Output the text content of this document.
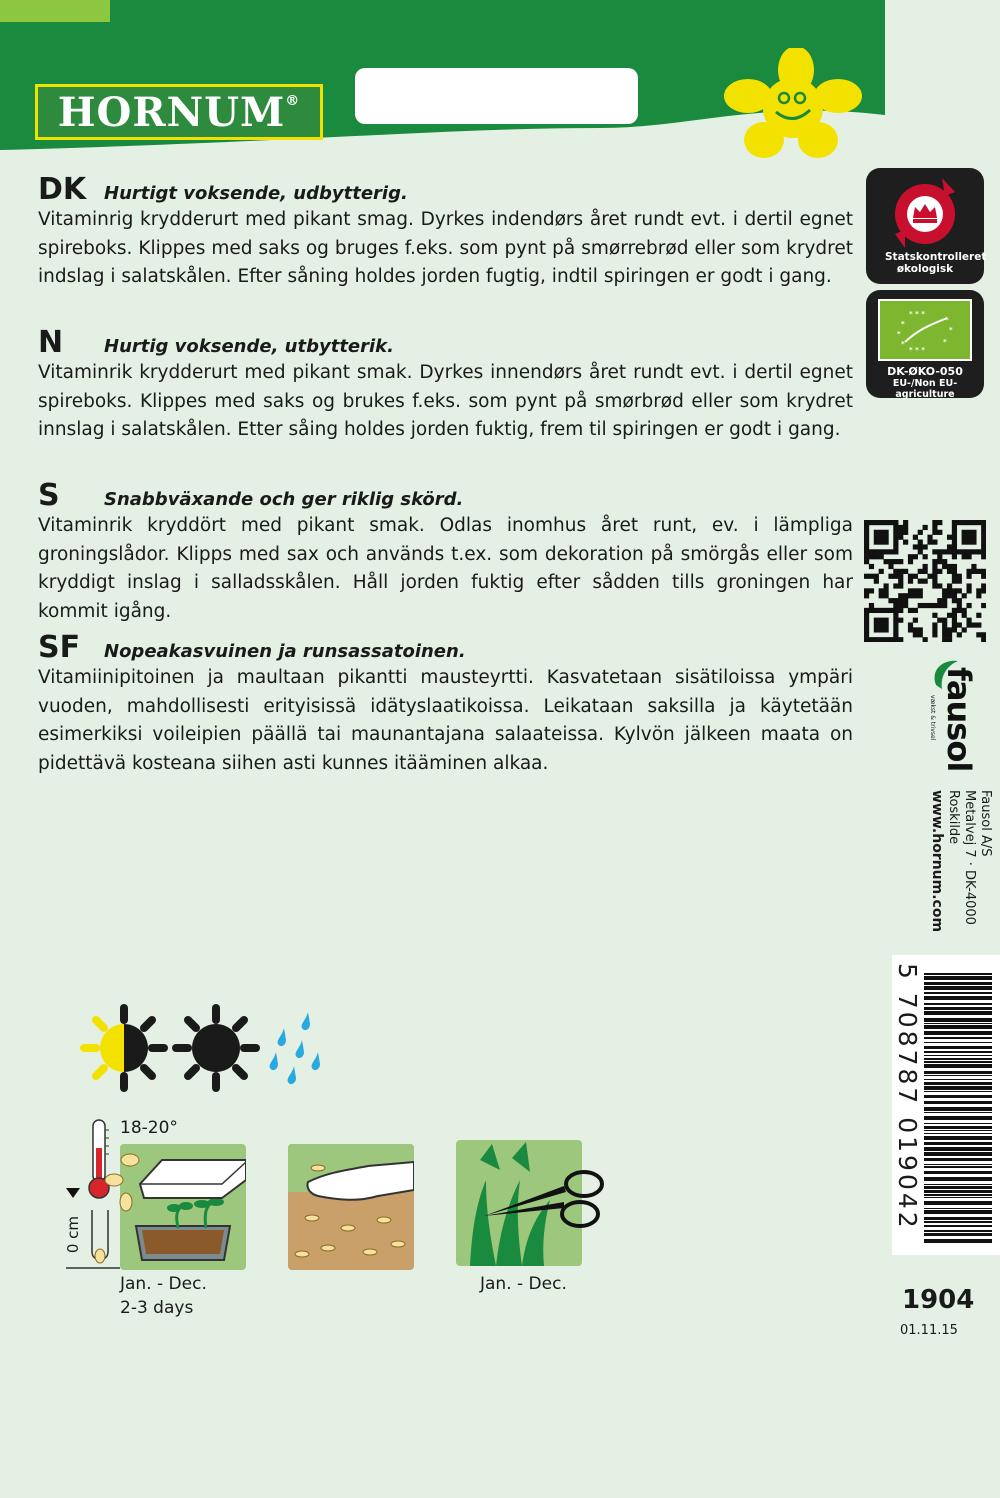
HORNUM®
DK Hurtigt voksende, udbytterig.
Vitaminrig krydderurt med pikant smag. Dyrkes indendørs året rundt evt. i dertil egnet spireboks. Klippes med saks og bruges f.eks. som pynt på smørrebrød eller som krydret indslag i salatskålen. Efter såning holdes jorden fugtig, indtil spiringen er godt i gang.
N	Hurtig voksende, utbytterik.
Vitaminrik krydderurt med pikant smak. Dyrkes innendørs året rundt evt. i dertil egnet spireboks. Klippes med saks og brukes f.eks. som pynt på smørbrød eller som krydret innslag i salatskålen. Etter såing holdes jorden fuktig, frem til spiringen er godt i gang.
S	Snabbväxande och ger riklig skörd.
Vitaminrik kryddört med pikant smak. Odlas inomhus året runt, ev. i lämpliga groningslådor. Klipps med sax och används t.ex. som dekoration på smörgås eller som kryddigt inslag i salladsskålen. Håll jorden fuktig efter sådden tills groningen har kommit igång.
SF	Nopeakasvuinen ja runsassatoinen.
Vitamiinipitoinen ja maultaan pikantti mausteyrtti. Kasvatetaan sisätiloissa ympäri vuoden, mahdollisesti erityisissä idätyslaatikoissa. Leikataan saksilla ja käytetään esimerkiksi voileipien päällä tai maunantajana salaateissa. Kylvön jälkeen maata on pidettävä kosteana siihen asti kunnes itääminen alkaa.
Statskontrolleret økologisk
* * *
*	*
*	*
*	*
* * *
DK-ØKO-050
EU-/Non EU-agriculture
fausol
vækst & trivsel
Fausol A/S
Metalvej 7 · DK-4000 Roskilde
www.hornum.com
5 708787 019042
1904
01.11.15
18-20°
0 cm
Jan. - Dec.
2-3 days
Jan. - Dec.
